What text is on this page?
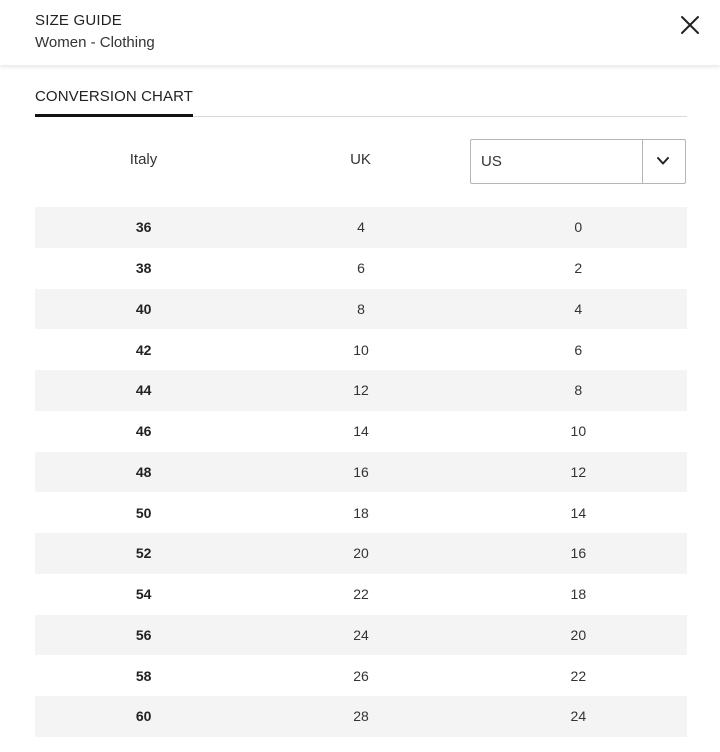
SIZE GUIDE
Women - Clothing
CONVERSION CHART
Italy	UK	US
36	4	0
38	6	2
40	8	4
42	10	6
44	12	8
46	14	10
48	16	12
50	18	14
52	20	16
54	22	18
56	24	20
58	26	22
60	28	24
